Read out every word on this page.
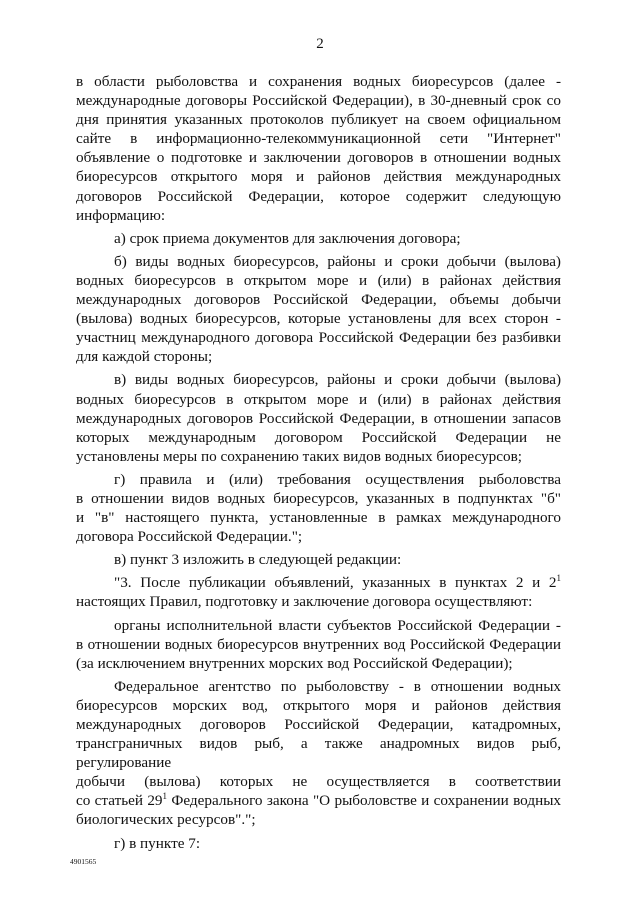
2
в области рыболовства и сохранения водных биоресурсов (далее -
международные договоры Российской Федерации), в 30-дневный срок со
дня принятия указанных протоколов публикует на своем официальном
сайте в информационно-телекоммуникационной сети "Интернет"
объявление о подготовке и заключении договоров в отношении водных
биоресурсов открытого моря и районов действия международных
договоров Российской Федерации, которое содержит следующую
информацию:
а) срок приема документов для заключения договора;
б) виды водных биоресурсов, районы и сроки добычи (вылова)
водных биоресурсов в открытом море и (или) в районах действия
международных договоров Российской Федерации, объемы добычи
(вылова) водных биоресурсов, которые установлены для всех сторон -
участниц международного договора Российской Федерации без разбивки
для каждой стороны;
в) виды водных биоресурсов, районы и сроки добычи (вылова)
водных биоресурсов в открытом море и (или) в районах действия
международных договоров Российской Федерации, в отношении запасов
которых международным договором Российской Федерации не
установлены меры по сохранению таких видов водных биоресурсов;
г) правила и (или) требования осуществления рыболовства
в отношении видов водных биоресурсов, указанных в подпунктах "б"
и "в" настоящего пункта, установленные в рамках международного
договора Российской Федерации.";
в) пункт 3 изложить в следующей редакции:
"3. После публикации объявлений, указанных в пунктах 2 и $2^1$
настоящих Правил, подготовку и заключение договора осуществляют:
органы исполнительной власти субъектов Российской Федерации -
в отношении водных биоресурсов внутренних вод Российской Федерации
(за исключением внутренних морских вод Российской Федерации);
Федеральное агентство по рыболовству - в отношении водных
биоресурсов морских вод, открытого моря и районов действия
международных договоров Российской Федерации, катадромных,
трансграничных видов рыб, а также анадромных видов рыб, регулирование
добычи (вылова) которых не осуществляется в соответствии
со статьей $29^1$ Федерального закона "О рыболовстве и сохранении водных
биологических ресурсов".";
г) в пункте 7:
4901565
